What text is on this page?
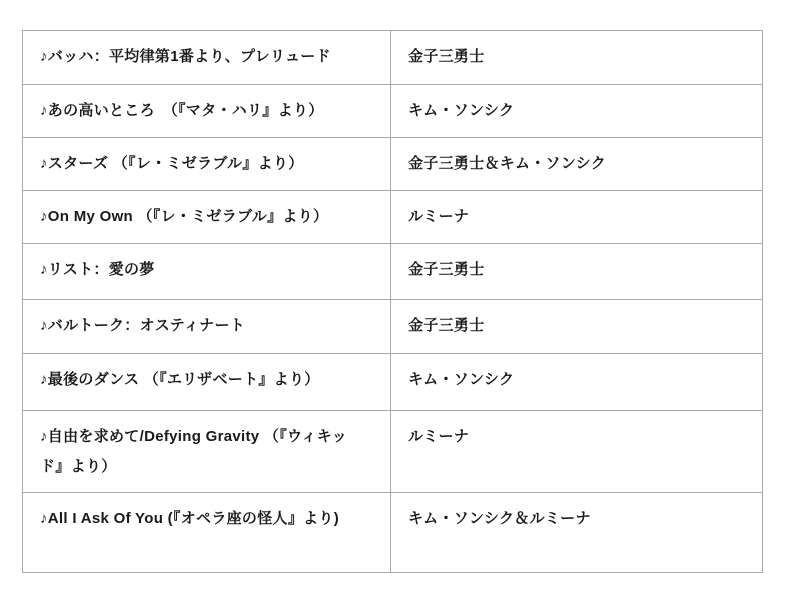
♪バッハ：平均律第1番より、プレリュード	金子三勇士
♪あの高いところ　（『マタ・ハリ』より）	キム・ソンシク
♪スターズ （『レ・ミゼラブル』より）	金子三勇士＆キム・ソンシク
♪On My Own （『レ・ミゼラブル』より）	ルミーナ
♪リスト：愛の夢	金子三勇士
♪バルトーク：オスティナート	金子三勇士
♪最後のダンス （『エリザベート』より）	キム・ソンシク
♪自由を求めて/Defying Gravity （『ウィキッド』より）	ルミーナ
♪All I Ask Of You (『オペラ座の怪人』より)	キム・ソンシク＆ルミーナ
